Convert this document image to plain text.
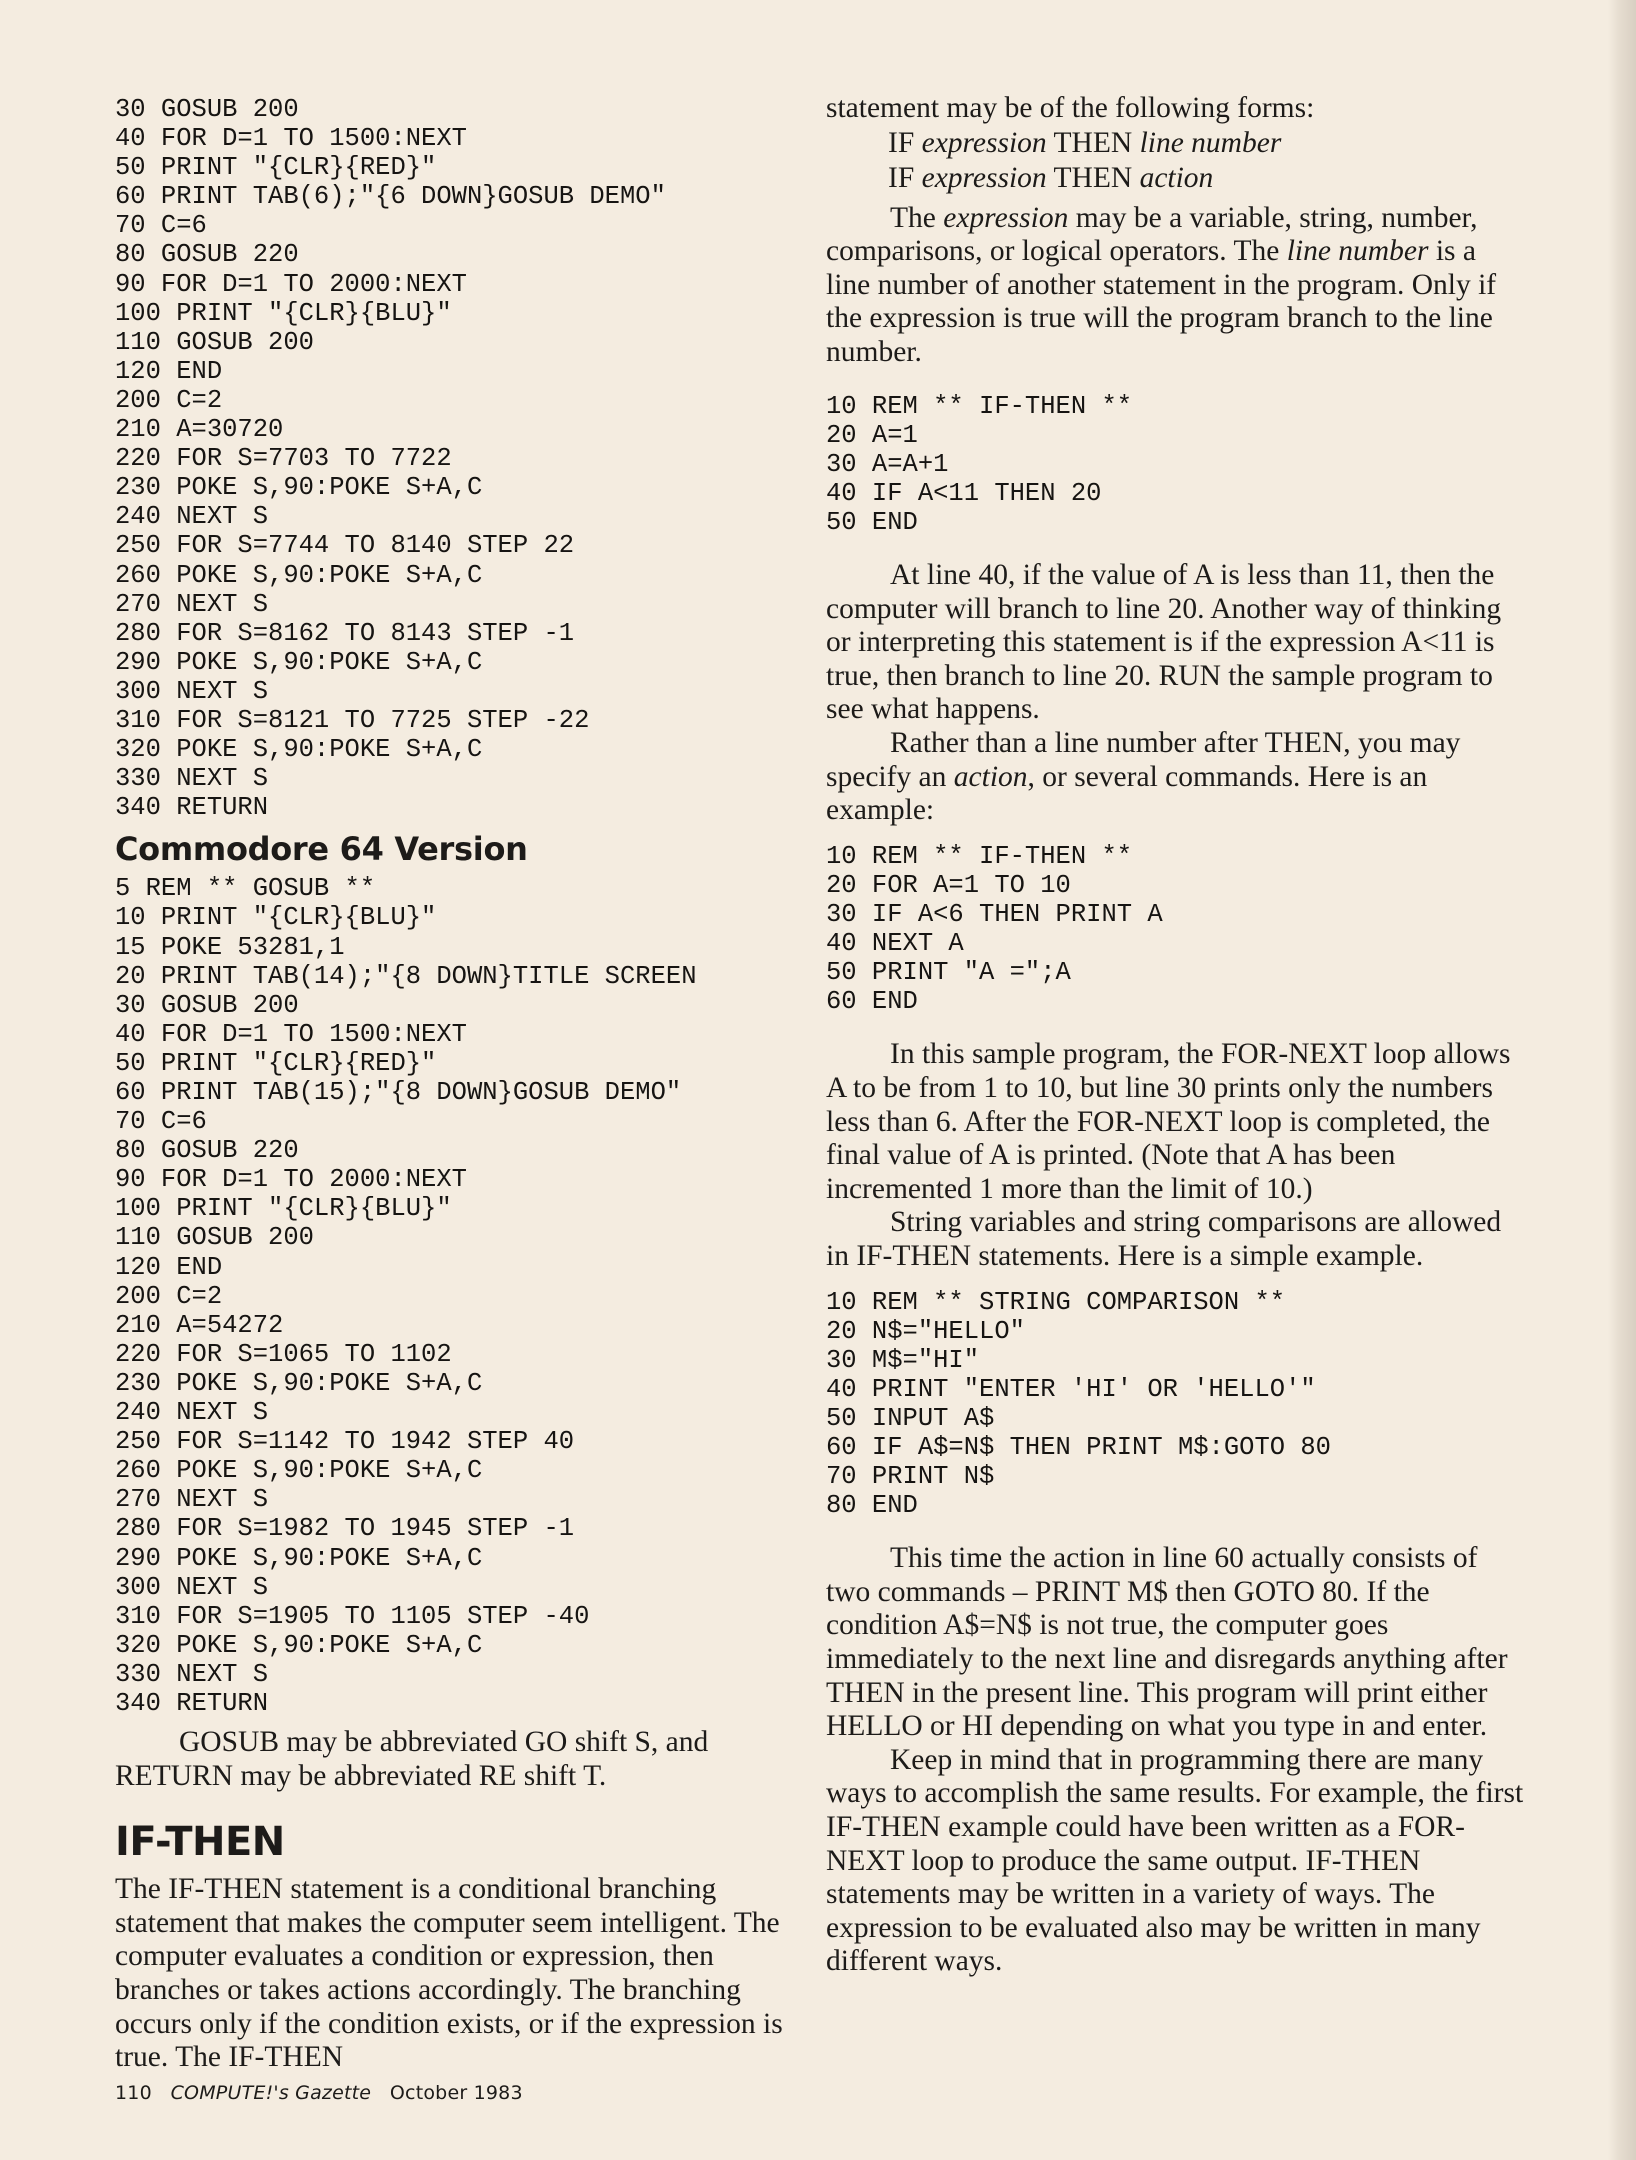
30 GOSUB 200
40 FOR D=1 TO 1500:NEXT
50 PRINT "{CLR}{RED}"
60 PRINT TAB(6);"{6 DOWN}GOSUB DEMO"
70 C=6
80 GOSUB 220
90 FOR D=1 TO 2000:NEXT
100 PRINT "{CLR}{BLU}"
110 GOSUB 200
120 END
200 C=2
210 A=30720
220 FOR S=7703 TO 7722
230 POKE S,90:POKE S+A,C
240 NEXT S
250 FOR S=7744 TO 8140 STEP 22
260 POKE S,90:POKE S+A,C
270 NEXT S
280 FOR S=8162 TO 8143 STEP -1
290 POKE S,90:POKE S+A,C
300 NEXT S
310 FOR S=8121 TO 7725 STEP -22
320 POKE S,90:POKE S+A,C
330 NEXT S
340 RETURN
Commodore 64 Version
5 REM ** GOSUB **
10 PRINT "{CLR}{BLU}"
15 POKE 53281,1
20 PRINT TAB(14);"{8 DOWN}TITLE SCREEN
30 GOSUB 200
40 FOR D=1 TO 1500:NEXT
50 PRINT "{CLR}{RED}"
60 PRINT TAB(15);"{8 DOWN}GOSUB DEMO"
70 C=6
80 GOSUB 220
90 FOR D=1 TO 2000:NEXT
100 PRINT "{CLR}{BLU}"
110 GOSUB 200
120 END
200 C=2
210 A=54272
220 FOR S=1065 TO 1102
230 POKE S,90:POKE S+A,C
240 NEXT S
250 FOR S=1142 TO 1942 STEP 40
260 POKE S,90:POKE S+A,C
270 NEXT S
280 FOR S=1982 TO 1945 STEP -1
290 POKE S,90:POKE S+A,C
300 NEXT S
310 FOR S=1905 TO 1105 STEP -40
320 POKE S,90:POKE S+A,C
330 NEXT S
340 RETURN

GOSUB may be abbreviated GO shift S, and RETURN may be abbreviated RE shift T.

IF-THEN

The IF-THEN statement is a conditional branching statement that makes the computer seem intelligent. The computer evaluates a condition or expression, then branches or takes actions accordingly. The branching occurs only if the condition exists, or if the expression is true. The IF-THEN

statement may be of the following forms:

IF expression THEN line number
IF expression THEN action

The expression may be a variable, string, number, comparisons, or logical operators. The line number is a line number of another statement in the program. Only if the expression is true will the program branch to the line number.

10 REM ** IF-THEN **
20 A=1
30 A=A+1
40 IF A<11 THEN 20
50 END

At line 40, if the value of A is less than 11, then the computer will branch to line 20. Another way of thinking or interpreting this statement is if the expression A<11 is true, then branch to line 20. RUN the sample program to see what happens.

Rather than a line number after THEN, you may specify an action, or several commands. Here is an example:

10 REM ** IF-THEN **
20 FOR A=1 TO 10
30 IF A<6 THEN PRINT A
40 NEXT A
50 PRINT "A =";A
60 END

In this sample program, the FOR-NEXT loop allows A to be from 1 to 10, but line 30 prints only the numbers less than 6. After the FOR-NEXT loop is completed, the final value of A is printed. (Note that A has been incremented 1 more than the limit of 10.)

String variables and string comparisons are allowed in IF-THEN statements. Here is a simple example.

10 REM ** STRING COMPARISON **
20 N$="HELLO"
30 M$="HI"
40 PRINT "ENTER 'HI' OR 'HELLO'"
50 INPUT A$
60 IF A$=N$ THEN PRINT M$:GOTO 80
70 PRINT N$
80 END

This time the action in line 60 actually consists of two commands – PRINT M$ then GOTO 80. If the condition A$=N$ is not true, the computer goes immediately to the next line and disregards anything after THEN in the present line. This program will print either HELLO or HI depending on what you type in and enter.

Keep in mind that in programming there are many ways to accomplish the same results. For example, the first IF-THEN example could have been written as a FOR-NEXT loop to produce the same output. IF-THEN statements may be written in a variety of ways. The expression to be evaluated also may be written in many different ways.

110 COMPUTE!'s Gazette October 1983
